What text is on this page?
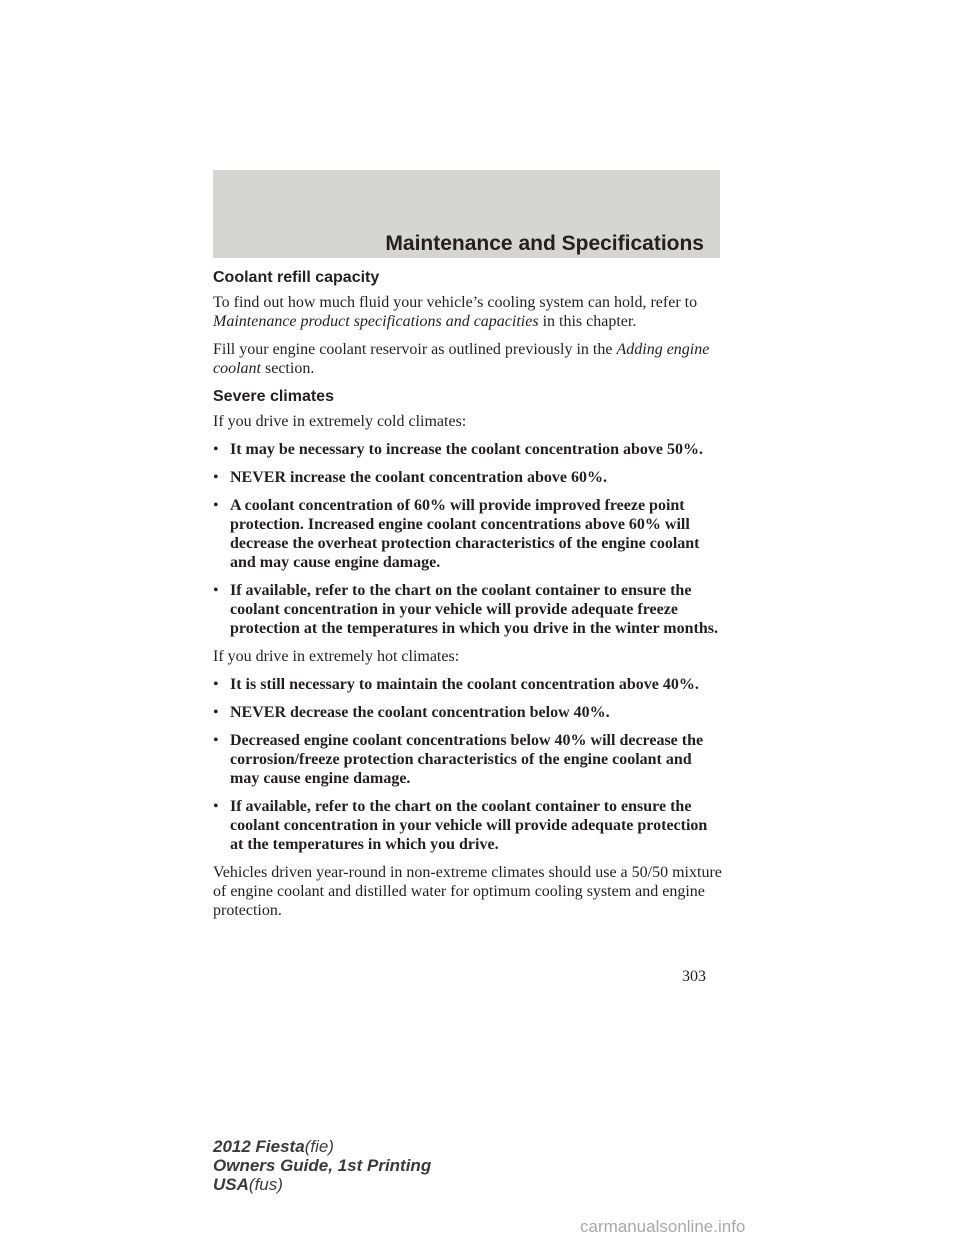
Maintenance and Specifications
Coolant refill capacity

To find out how much fluid your vehicle’s cooling system can hold, refer to Maintenance product specifications and capacities in this chapter.

Fill your engine coolant reservoir as outlined previously in the Adding engine coolant section.

Severe climates

If you drive in extremely cold climates:

• It may be necessary to increase the coolant concentration above 50%.
• NEVER increase the coolant concentration above 60%.
• A coolant concentration of 60% will provide improved freeze point protection. Increased engine coolant concentrations above 60% will decrease the overheat protection characteristics of the engine coolant and may cause engine damage.
• If available, refer to the chart on the coolant container to ensure the coolant concentration in your vehicle will provide adequate freeze protection at the temperatures in which you drive in the winter months.

If you drive in extremely hot climates:

• It is still necessary to maintain the coolant concentration above 40%.
• NEVER decrease the coolant concentration below 40%.
• Decreased engine coolant concentrations below 40% will decrease the corrosion/freeze protection characteristics of the engine coolant and may cause engine damage.
• If available, refer to the chart on the coolant container to ensure the coolant concentration in your vehicle will provide adequate protection at the temperatures in which you drive.

Vehicles driven year-round in non-extreme climates should use a 50/50 mixture of engine coolant and distilled water for optimum cooling system and engine protection.

303
2012 Fiesta(fie)
Owners Guide, 1st Printing
USA(fus)
carmanualsonline.info
